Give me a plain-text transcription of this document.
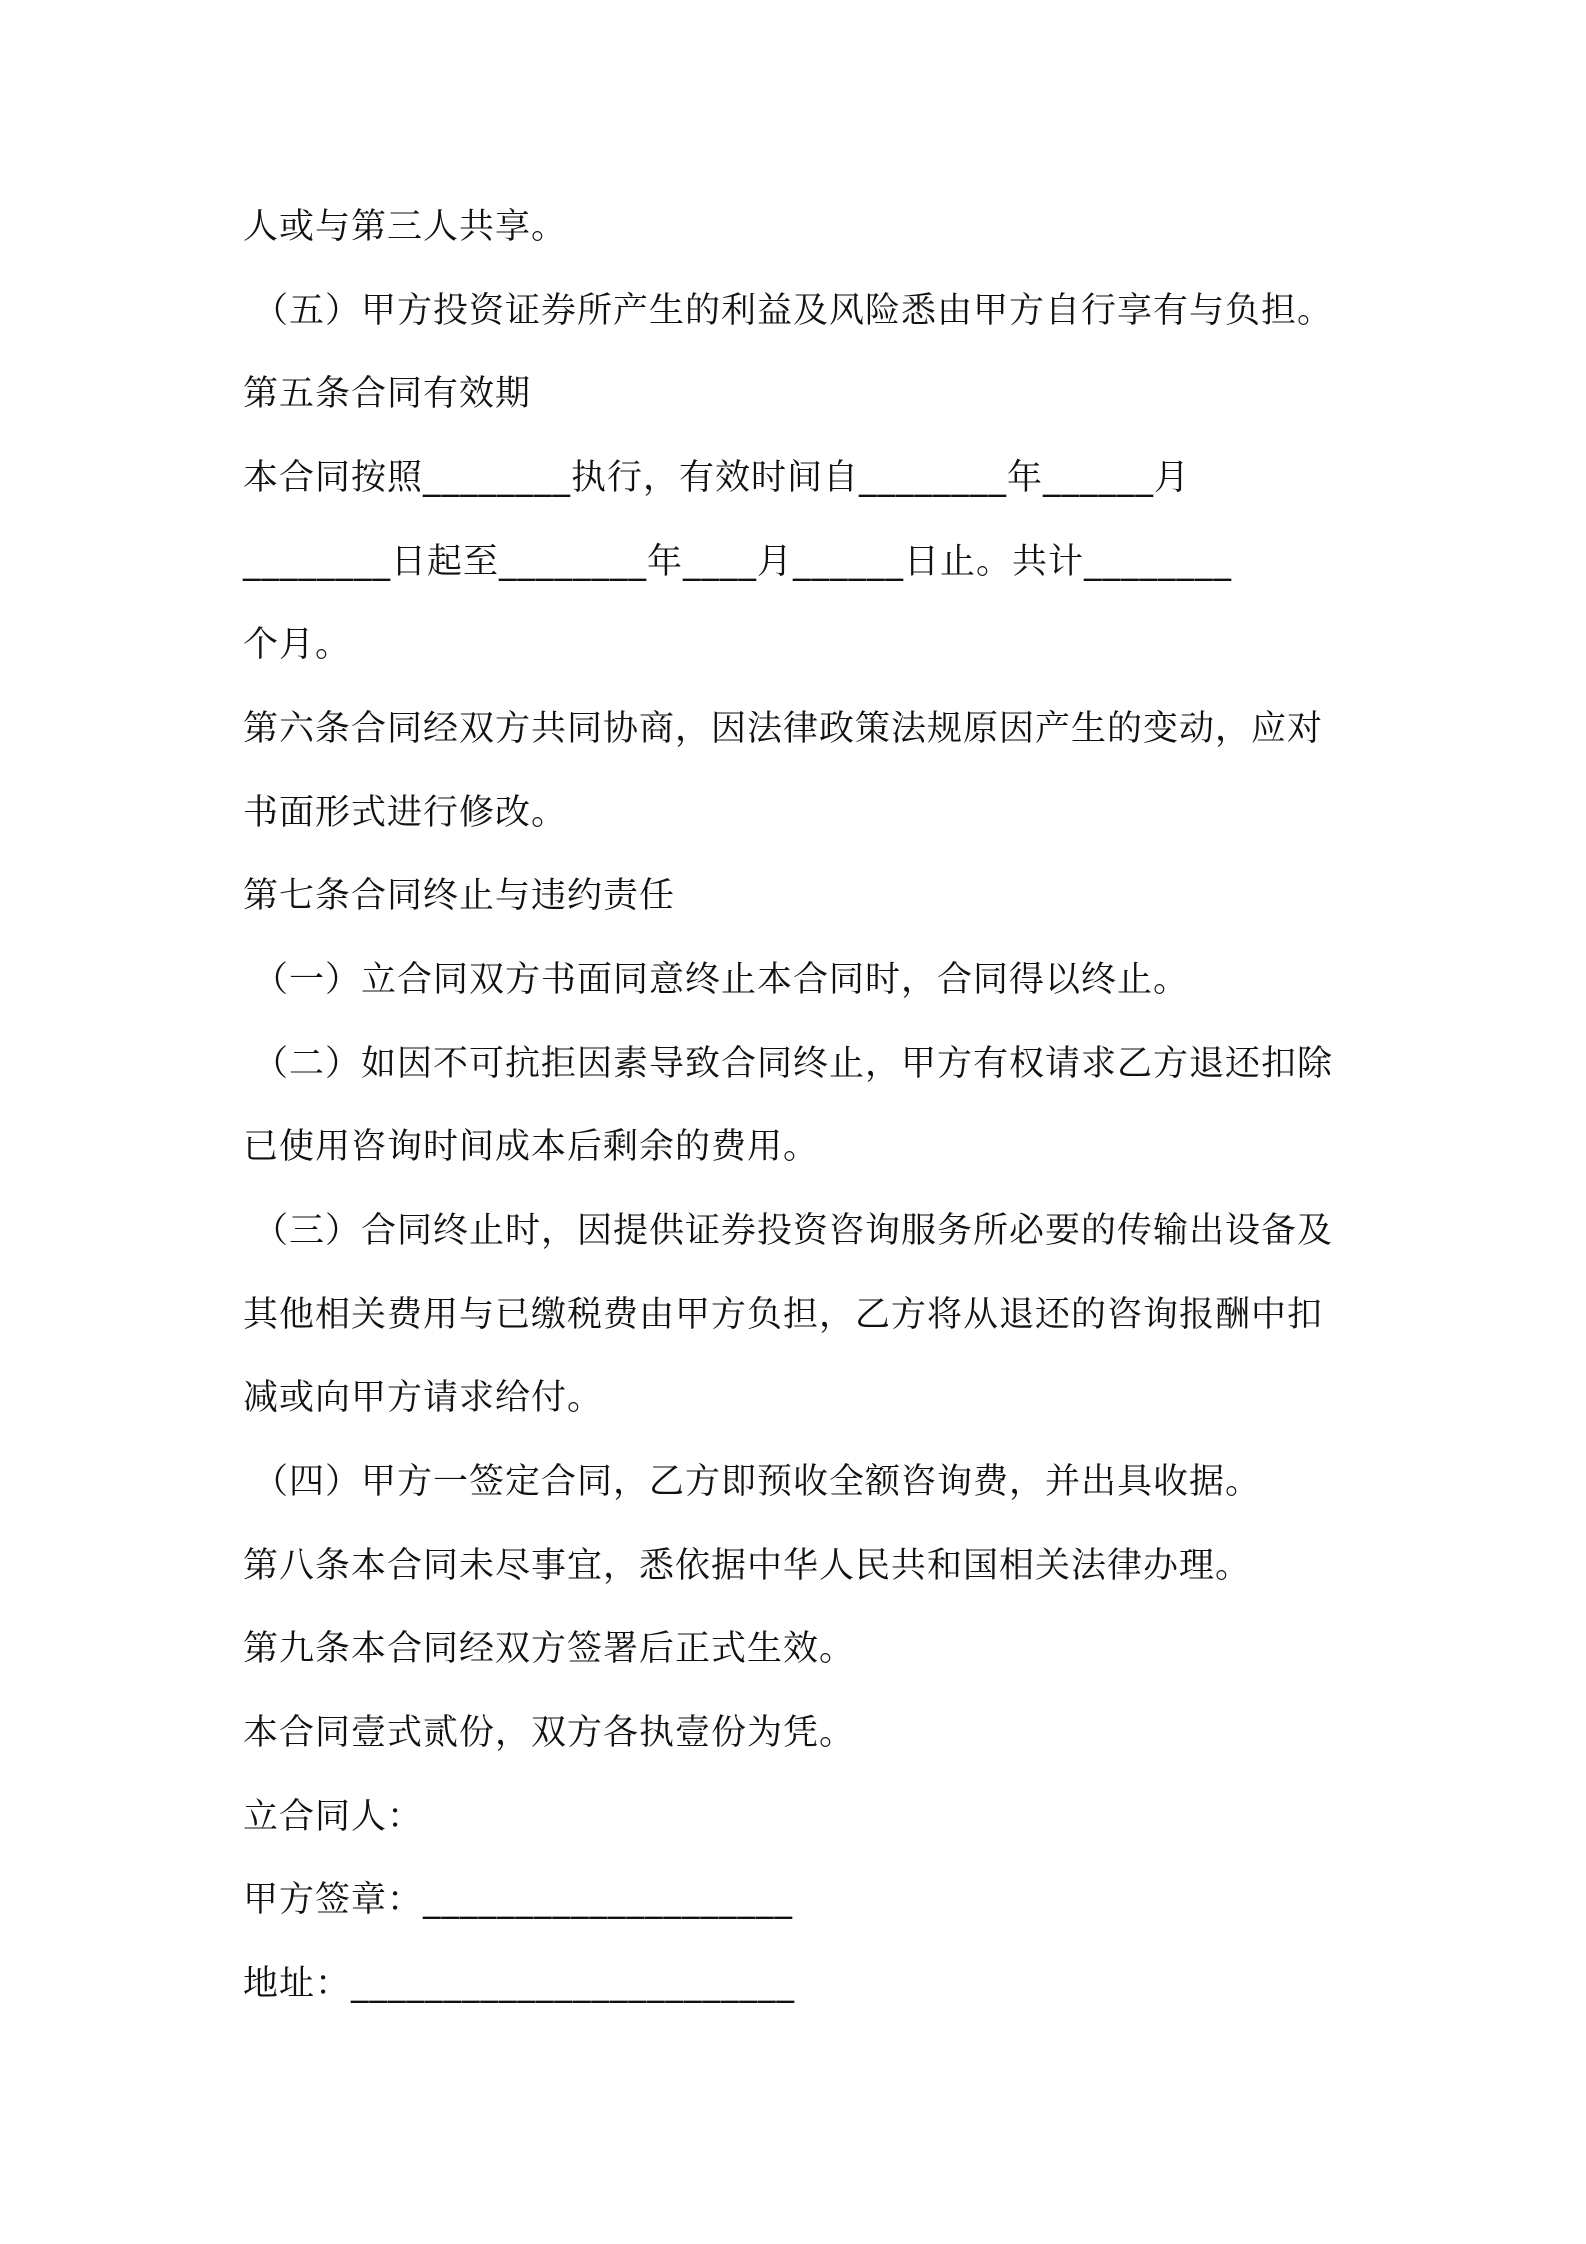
人或与第三人共享。
（五）甲方投资证券所产生的利益及风险悉由甲方自行享有与负担。
第五条合同有效期
本合同按照________执行，有效时间自________年______月
________日起至________年____月______日止。共计________
个月。
第六条合同经双方共同协商，因法律政策法规原因产生的变动，应对
书面形式进行修改。
第七条合同终止与违约责任
（一）立合同双方书面同意终止本合同时，合同得以终止。
（二）如因不可抗拒因素导致合同终止，甲方有权请求乙方退还扣除
已使用咨询时间成本后剩余的费用。
（三）合同终止时，因提供证券投资咨询服务所必要的传输出设备及
其他相关费用与已缴税费由甲方负担，乙方将从退还的咨询报酬中扣
减或向甲方请求给付。
（四）甲方一签定合同，乙方即预收全额咨询费，并出具收据。
第八条本合同未尽事宜，悉依据中华人民共和国相关法律办理。
第九条本合同经双方签署后正式生效。
本合同壹式贰份，双方各执壹份为凭。
立合同人：
甲方签章：____________________
地址：________________________
